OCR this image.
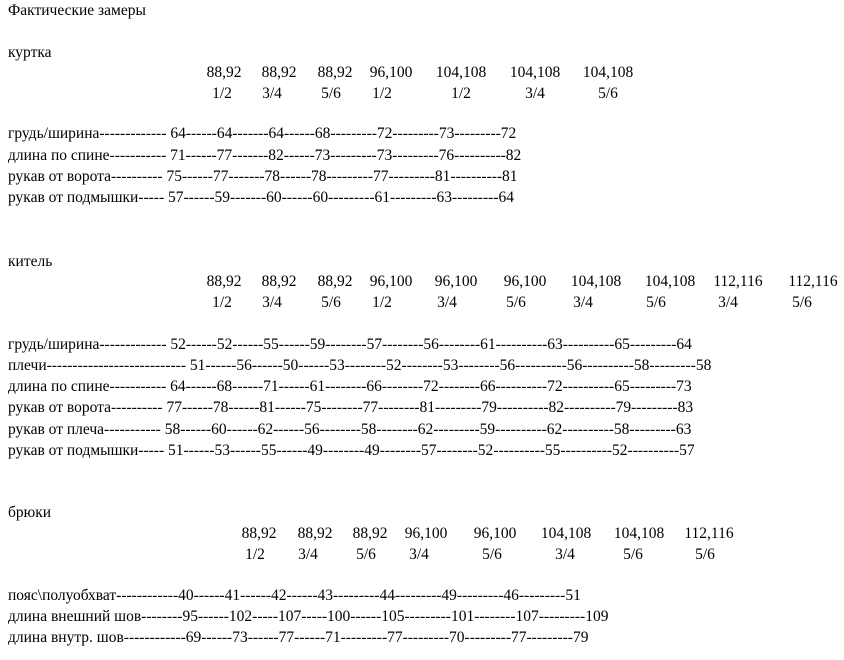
Фактические замеры
куртка
88,92 88,92 88,92 96,100 104,108 104,108 104,108
1/2 3/4	5/6 1/2	1/2	3/4	5/6
грудь/ширина------------- 64------64-------64------68---------72---------73---------72
длина по спине----------- 71------77-------82------73---------73---------76----------82
рукав от ворота---------- 75------77-------78------78---------77---------81----------81
рукав от подмышки----- 57------59-------60------60---------61---------63---------64
китель
88,92 88,92 88,92 96,100 96,100 96,100 104,108 104,108 112,116 112,116
1/2 3/4	5/6 1/2	3/4	5/6	3/4	5/6	3/4	5/6
грудь/ширина------------- 52------52------55------59--------57--------56--------61----------63----------65---------64
плечи--------------------------- 51------56------50------53--------52--------53--------56----------56----------58---------58
длина по спине----------- 64------68------71------61--------66--------72--------66----------72----------65---------73
рукав от ворота---------- 77------78------81------75--------77--------81---------79----------82----------79---------83
рукав от плеча----------- 58------60------62------56--------58--------62---------59----------62----------58---------63
рукав от подмышки----- 51------53------55------49--------49--------57--------52----------55----------52----------57
брюки
88,92 88,92 88,92 96,100 96,100 104,108 104,108 112,116
1/2 3/4 5/6 3/4	5/6	3/4	5/6	5/6
пояс\полуобхват------------40------41------42------43---------44---------49---------46---------51
длина внешний шов--------95------102-----107-----100------105---------101--------107---------109
длина внутр. шов------------69------73------77------71---------77---------70---------77---------79
